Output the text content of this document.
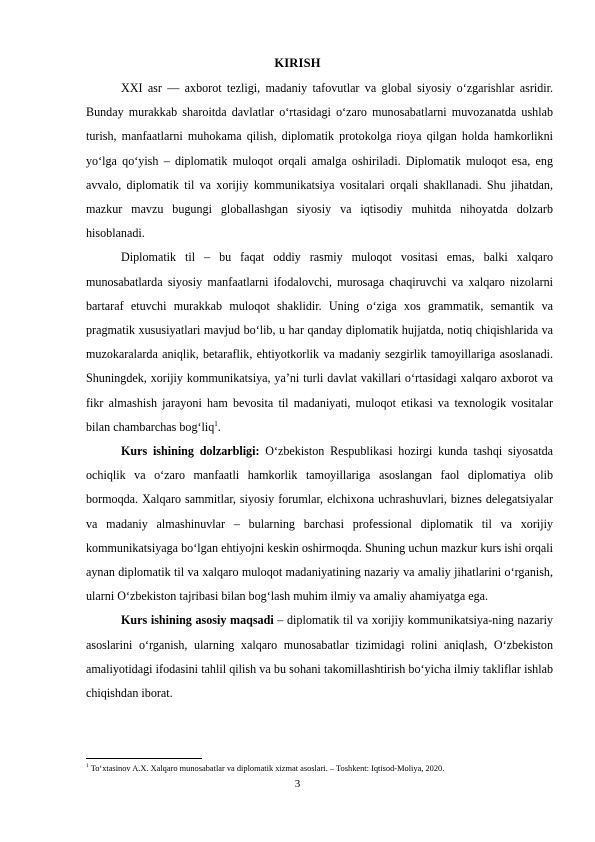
KIRISH

XXI asr — axborot tezligi, madaniy tafovutlar va global siyosiy o‘zgarishlar asridir. Bunday murakkab sharoitda davlatlar o‘rtasidagi o‘zaro munosabatlarni muvozanatda ushlab turish, manfaatlarni muhokama qilish, diplomatik protokolga rioya qilgan holda hamkorlikni yo‘lga qo‘yish – diplomatik muloqot orqali amalga oshiriladi. Diplomatik muloqot esa, eng avvalo, diplomatik til va xorijiy kommunikatsiya vositalari orqali shakllanadi. Shu jihatdan, mazkur mavzu bugungi globallashgan siyosiy va iqtisodiy muhitda nihoyatda dolzarb hisoblanadi.

Diplomatik til – bu faqat oddiy rasmiy muloqot vositasi emas, balki xalqaro munosabatlarda siyosiy manfaatlarni ifodalovchi, murosaga chaqiruvchi va xalqaro nizolarni bartaraf etuvchi murakkab muloqot shaklidir. Uning o‘ziga xos grammatik, semantik va pragmatik xususiyatlari mavjud bo‘lib, u har qanday diplomatik hujjatda, notiq chiqishlarida va muzokaralarda aniqlik, betaraflik, ehtiyotkorlik va madaniy sezgirlik tamoyillariga asoslanadi. Shuningdek, xorijiy kommunikatsiya, ya’ni turli davlat vakillari o‘rtasidagi xalqaro axborot va fikr almashish jarayoni ham bevosita til madaniyati, muloqot etikasi va texnologik vositalar bilan chambarchas bog‘liq$^1$.

Kurs ishining dolzarbligi: O‘zbekiston Respublikasi hozirgi kunda tashqi siyosatda ochiqlik va o‘zaro manfaatli hamkorlik tamoyillariga asoslangan faol diplomatiya olib bormoqda. Xalqaro sammitlar, siyosiy forumlar, elchixona uchrashuvlari, biznes delegatsiyalar va madaniy almashinuvlar – bularning barchasi professional diplomatik til va xorijiy kommunikatsiyaga bo‘lgan ehtiyojni keskin oshirmoqda. Shuning uchun mazkur kurs ishi orqali aynan diplomatik til va xalqaro muloqot madaniyatining nazariy va amaliy jihatlarini o‘rganish, ularni O‘zbekiston tajribasi bilan bog‘lash muhim ilmiy va amaliy ahamiyatga ega.

Kurs ishining asosiy maqsadi – diplomatik til va xorijiy kommunikatsiya-ning nazariy asoslarini o‘rganish, ularning xalqaro munosabatlar tizimidagi rolini aniqlash, O‘zbekiston amaliyotidagi ifodasini tahlil qilish va bu sohani takomillashtirish bo‘yicha ilmiy takliflar ishlab chiqishdan iborat.

$^1$ To‘xtasinov A.X. Xalqaro munosabatlar va diplomatik xizmat asoslari. – Toshkent: Iqtisod-Moliya, 2020.
3
